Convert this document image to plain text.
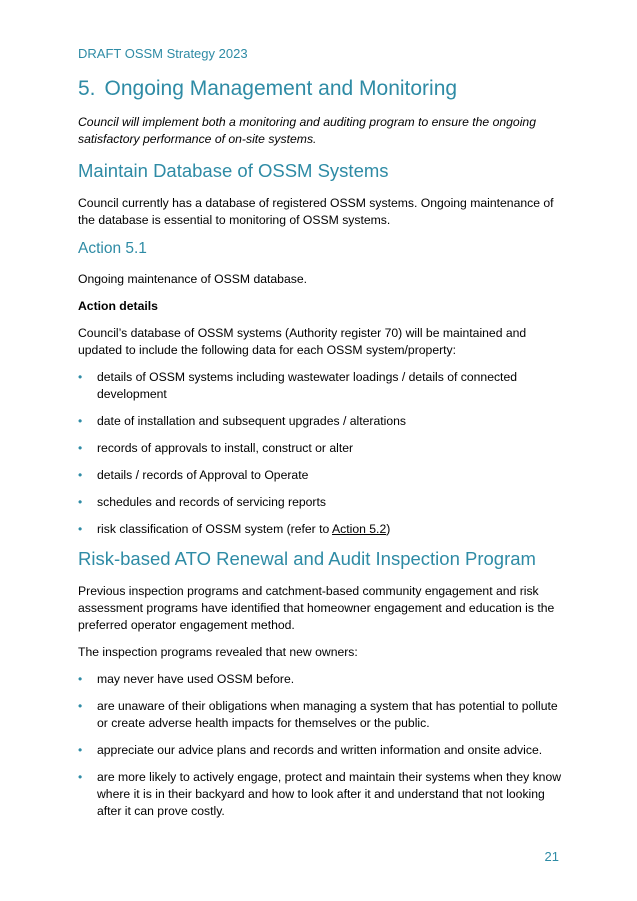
DRAFT OSSM Strategy 2023
5. Ongoing Management and Monitoring
Council will implement both a monitoring and auditing program to ensure the ongoing satisfactory performance of on-site systems.
Maintain Database of OSSM Systems

Council currently has a database of registered OSSM systems. Ongoing maintenance of the database is essential to monitoring of OSSM systems.

Action 5.1

Ongoing maintenance of OSSM database.

Action details

Council’s database of OSSM systems (Authority register 70) will be maintained and updated to include the following data for each OSSM system/property:

• details of OSSM systems including wastewater loadings / details of connected development
• date of installation and subsequent upgrades / alterations
• records of approvals to install, construct or alter
• details / records of Approval to Operate
• schedules and records of servicing reports
• risk classification of OSSM system (refer to Action 5.2)
Risk-based ATO Renewal and Audit Inspection Program

Previous inspection programs and catchment-based community engagement and risk assessment programs have identified that homeowner engagement and education is the preferred operator engagement method.

The inspection programs revealed that new owners:

• may never have used OSSM before.
• are unaware of their obligations when managing a system that has potential to pollute or create adverse health impacts for themselves or the public.
• appreciate our advice plans and records and written information and onsite advice.
• are more likely to actively engage, protect and maintain their systems when they know where it is in their backyard and how to look after it and understand that not looking after it can prove costly.
21
